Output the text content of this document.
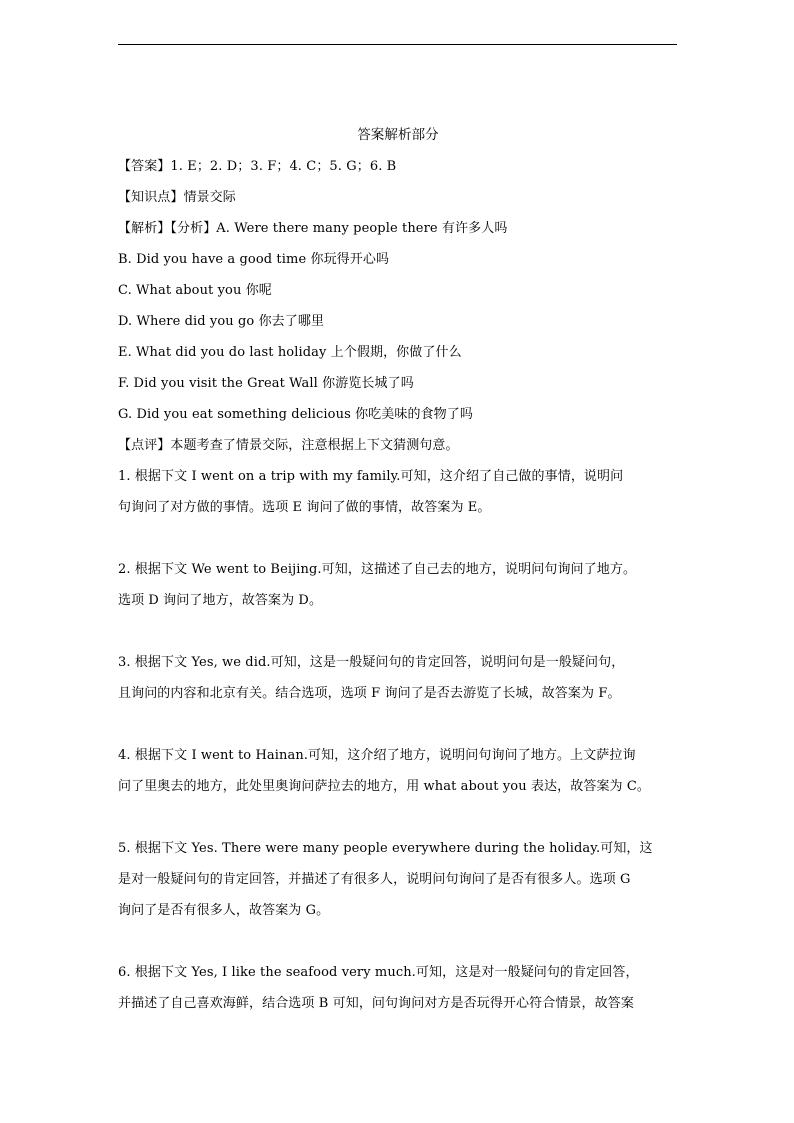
答案解析部分
【答案】1. E；2. D；3. F；4. C；5. G；6. B
【知识点】情景交际
【解析】【分析】A. Were there many people there 有许多人吗
B. Did you have a good time 你玩得开心吗
C. What about you 你呢
D. Where did you go 你去了哪里
E. What did you do last holiday 上个假期，你做了什么
F. Did you visit the Great Wall 你游览长城了吗
G. Did you eat something delicious 你吃美味的食物了吗
【点评】本题考查了情景交际，注意根据上下文猜测句意。
1. 根据下文 I went on a trip with my family.可知，这介绍了自己做的事情，说明问
句询问了对方做的事情。选项 E 询问了做的事情，故答案为 E。
2. 根据下文 We went to Beijing.可知，这描述了自己去的地方，说明问句询问了地方。
选项 D 询问了地方，故答案为 D。
3. 根据下文 Yes, we did.可知，这是一般疑问句的肯定回答，说明问句是一般疑问句，
且询问的内容和北京有关。结合选项，选项 F 询问了是否去游览了长城，故答案为 F。
4. 根据下文 I went to Hainan.可知，这介绍了地方，说明问句询问了地方。上文萨拉询
问了里奥去的地方，此处里奥询问萨拉去的地方，用 what about you 表达，故答案为 C。
5. 根据下文 Yes. There were many people everywhere during the holiday.可知，这
是对一般疑问句的肯定回答，并描述了有很多人，说明问句询问了是否有很多人。选项 G
询问了是否有很多人，故答案为 G。
6. 根据下文 Yes, I like the seafood very much.可知，这是对一般疑问句的肯定回答，
并描述了自己喜欢海鲜，结合选项 B 可知，问句询问对方是否玩得开心符合情景，故答案
